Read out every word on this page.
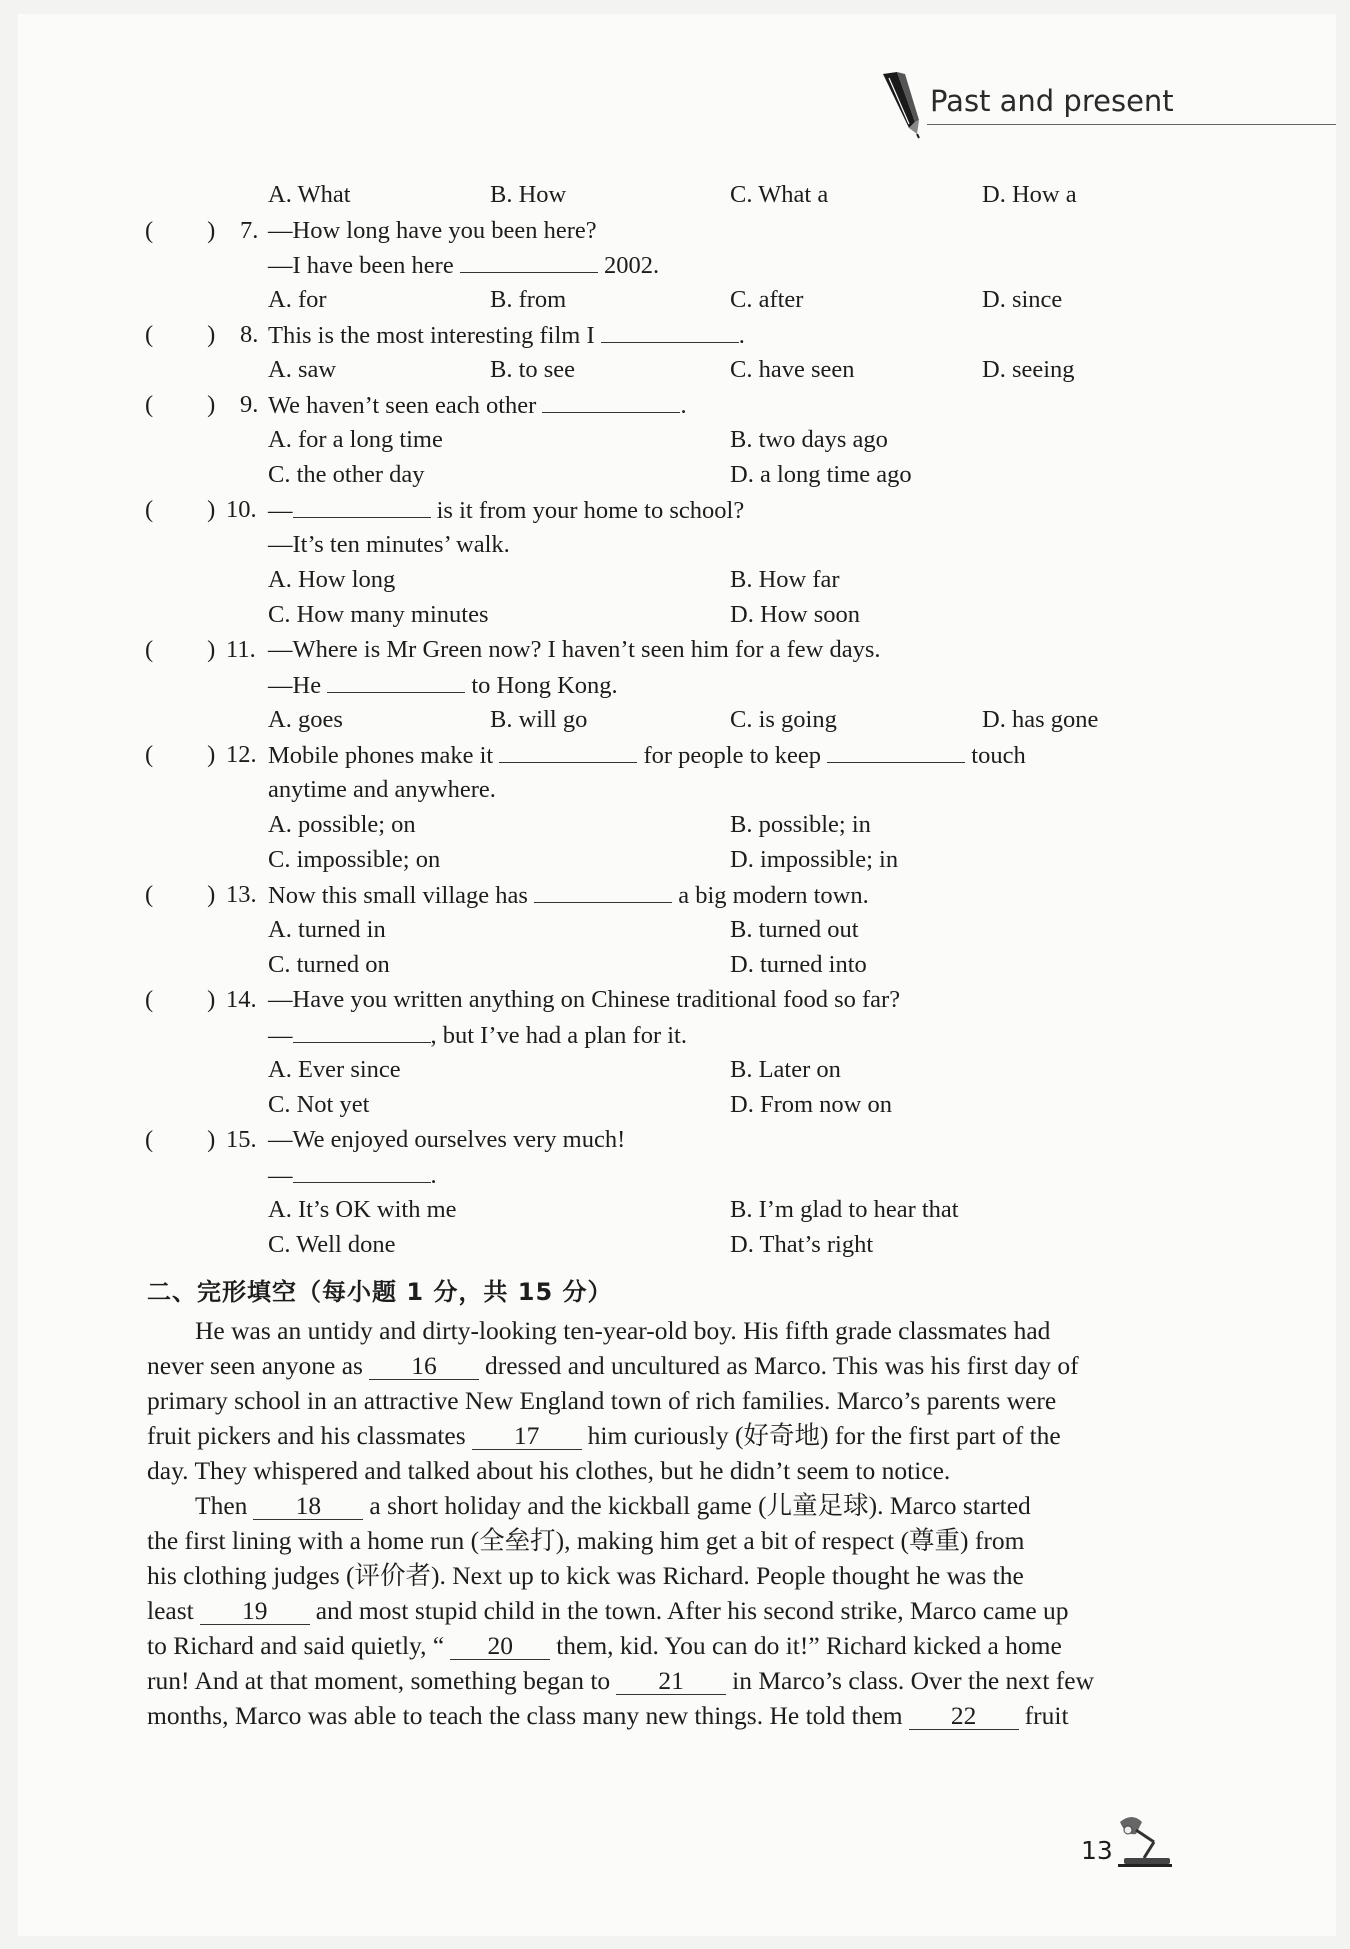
Past and present
A. What	B. How	C. What a	D. How a
( ) 7. —How long have you been here?
—I have been here	2002.
A. for	B. from	C. after	D. since
( ) 8. This is the most interesting film I	.
A. saw	B. to see	C. have seen	D. seeing
( ) 9. We haven’t seen each other	.
A. for a long time	B. two days ago
C. the other day	D. a long time ago
( ) 10. —	is it from your home to school?
—It’s ten minutes’ walk.
A. How long	B. How far
C. How many minutes	D. How soon
( ) 11. —Where is Mr Green now? I haven’t seen him for a few days.
—He	to Hong Kong.
A. goes	B. will go	C. is going	D. has gone
( ) 12. Mobile phones make it	for people to keep	touch
anytime and anywhere.
A. possible; on	B. possible; in
C. impossible; on	D. impossible; in
( ) 13. Now this small village has	a big modern town.
A. turned in	B. turned out
C. turned on	D. turned into
( ) 14. —Have you written anything on Chinese traditional food so far?
—	, but I’ve had a plan for it.
A. Ever since	B. Later on
C. Not yet	D. From now on
( ) 15. —We enjoyed ourselves very much!
—	.
A. It’s OK with me	B. I’m glad to hear that
C. Well done	D. That’s right
二、完形填空（每小题 1 分，共 15 分）
He was an untidy and dirty-looking ten-year-old boy. His fifth grade classmates had
never seen anyone as 16 dressed and uncultured as Marco. This was his first day of
primary school in an attractive New England town of rich families. Marco’s parents were
fruit pickers and his classmates 17 him curiously (好奇地) for the first part of the
day. They whispered and talked about his clothes, but he didn’t seem to notice.
Then 18 a short holiday and the kickball game (儿童足球). Marco started
the first lining with a home run (全垒打), making him get a bit of respect (尊重) from
his clothing judges (评价者). Next up to kick was Richard. People thought he was the
least 19 and most stupid child in the town. After his second strike, Marco came up
to Richard and said quietly, “ 20 them, kid. You can do it!” Richard kicked a home
run! And at that moment, something began to 21 in Marco’s class. Over the next few
months, Marco was able to teach the class many new things. He told them 22 fruit
13
